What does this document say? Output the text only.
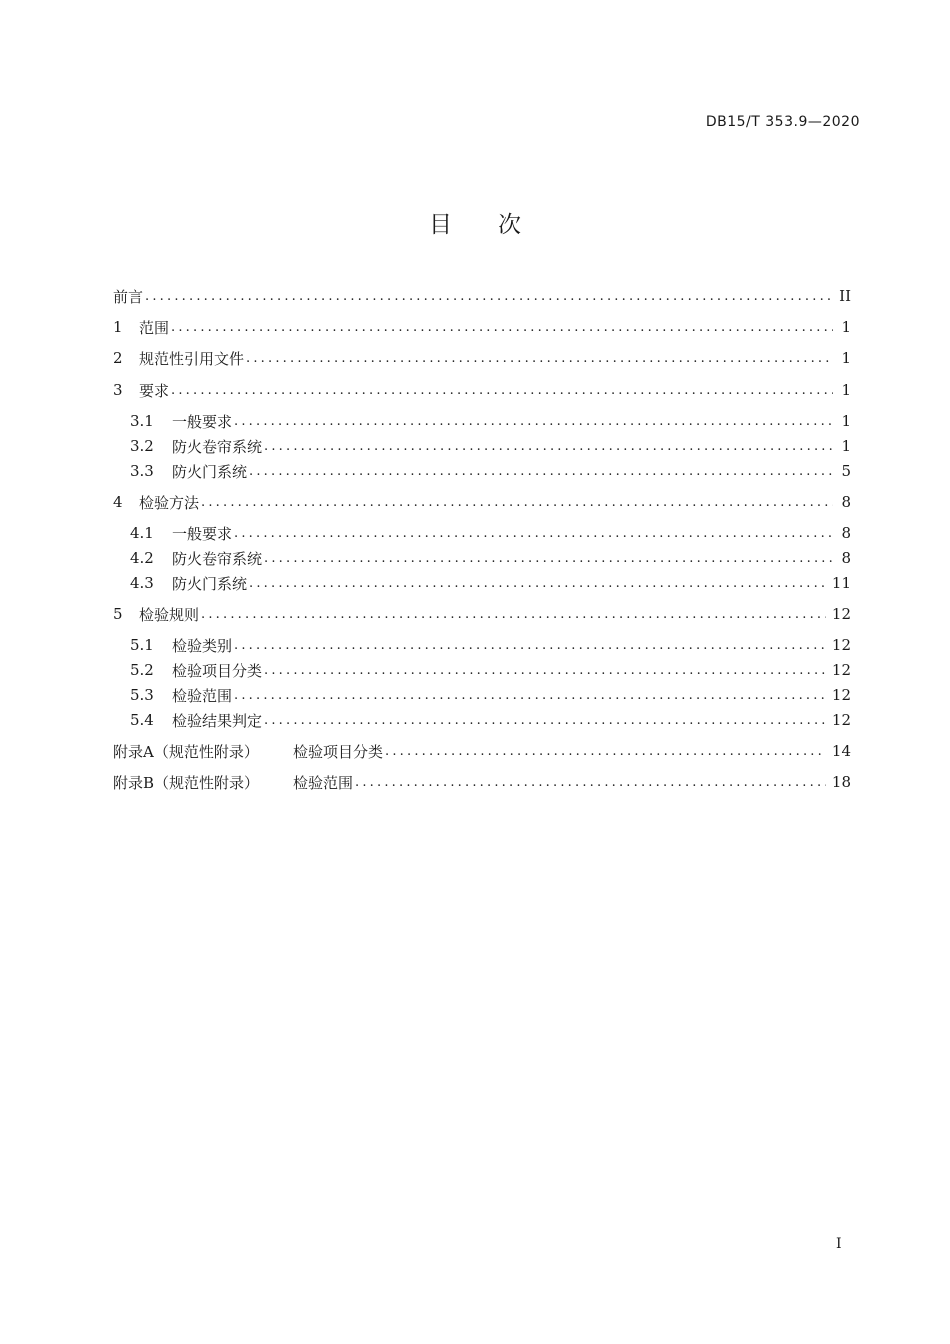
DB15/T 353.9—2020
目 次
前言 .....	II
1	范围 .....	1
2	规范性引用文件 .....	1
3	要求 .....	1
3.1	一般要求 .....	1
3.2	防火卷帘系统 .....	1
3.3	防火门系统 .....	5
4	检验方法 .....	8
4.1	一般要求 .....	8
4.2	防火卷帘系统 .....	8
4.3	防火门系统 .....	11
5	检验规则 .....	12
5.1	检验类别 .....	12
5.2	检验项目分类 .....	12
5.3	检验范围 .....	12
5.4	检验结果判定 .....	12
附录A（规范性附录）	检验项目分类 .....	14
附录B（规范性附录）	检验范围 .....	18
I
